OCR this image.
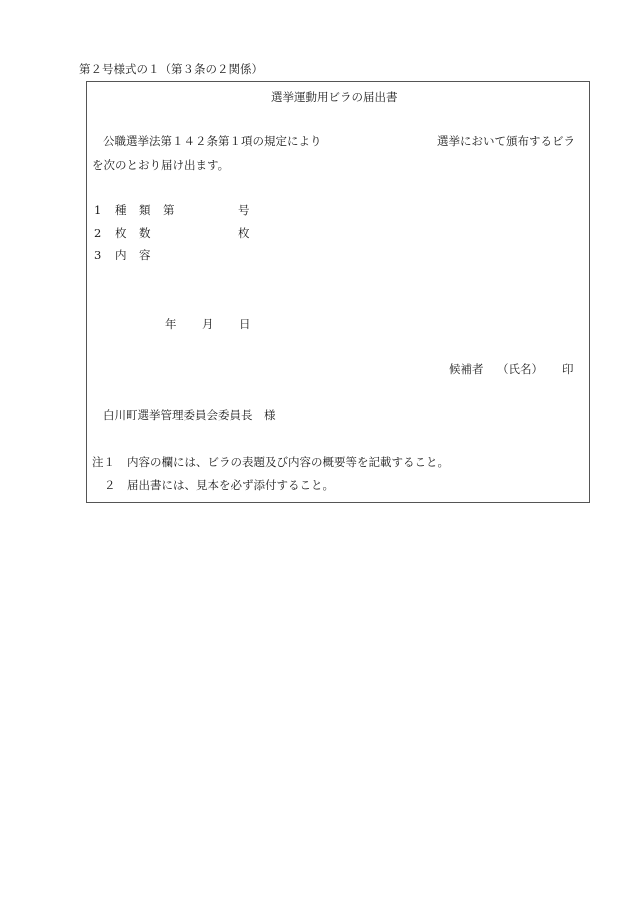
第２号様式の１（第３条の２関係）
選挙運動用ビラの届出書
公職選挙法第１４２条第１項の規定により	選挙において頒布するビラ
を次のとおり届け出ます。
1 種 類 第	号
2 枚 数	枚
3 内 容
年 月 日
候補者 （氏名） 印
白川町選挙管理委員会委員長　様
注１ 内容の欄には、ビラの表題及び内容の概要等を記載すること。
２ 届出書には、見本を必ず添付すること。
